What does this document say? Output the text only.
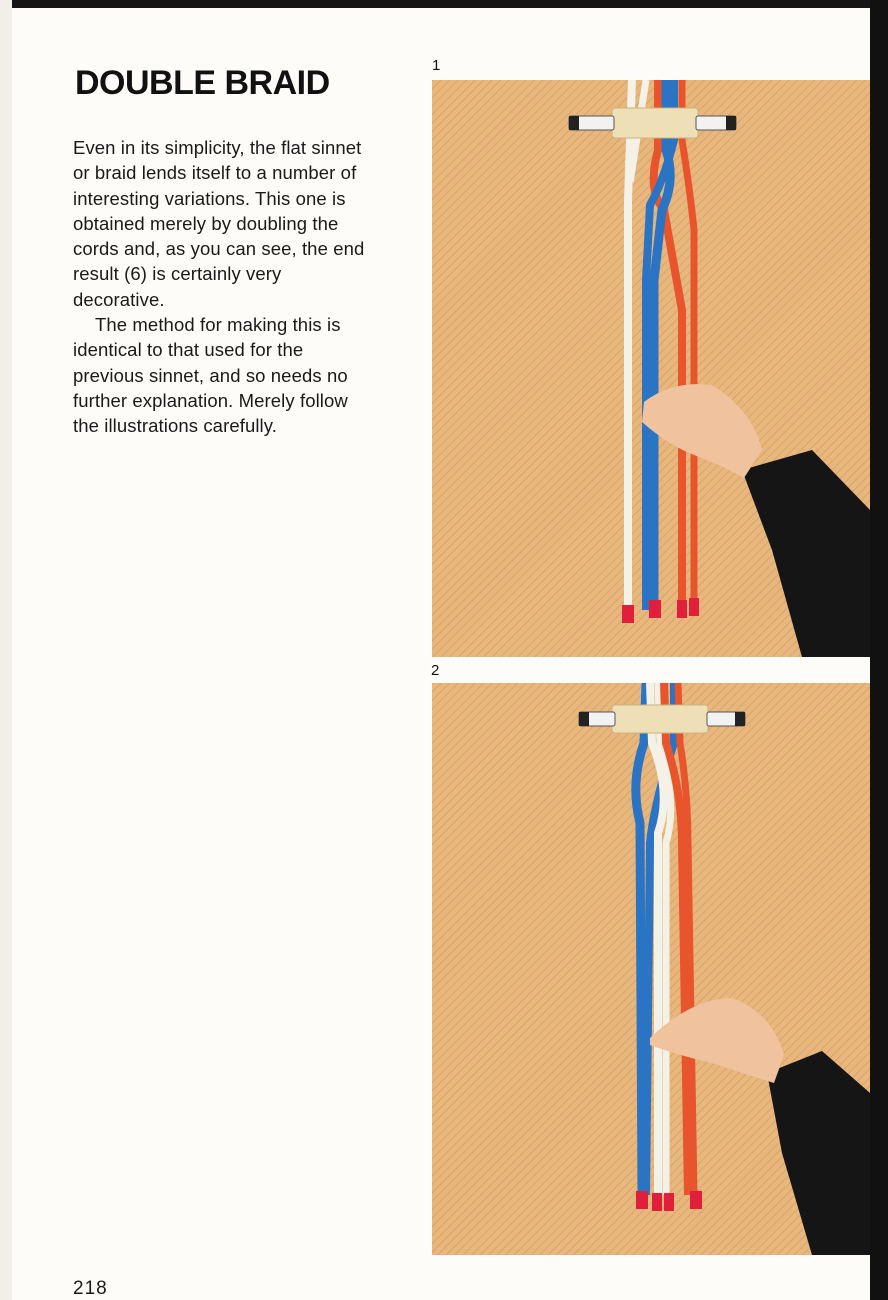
DOUBLE BRAID

Even in its simplicity, the flat sinnet or braid lends itself to a number of interesting variations. This one is obtained merely by doubling the cords and, as you can see, the end result (6) is certainly very decorative.

The method for making this is identical to that used for the previous sinnet, and so needs no further explanation. Merely follow the illustrations carefully.

1
2
218
